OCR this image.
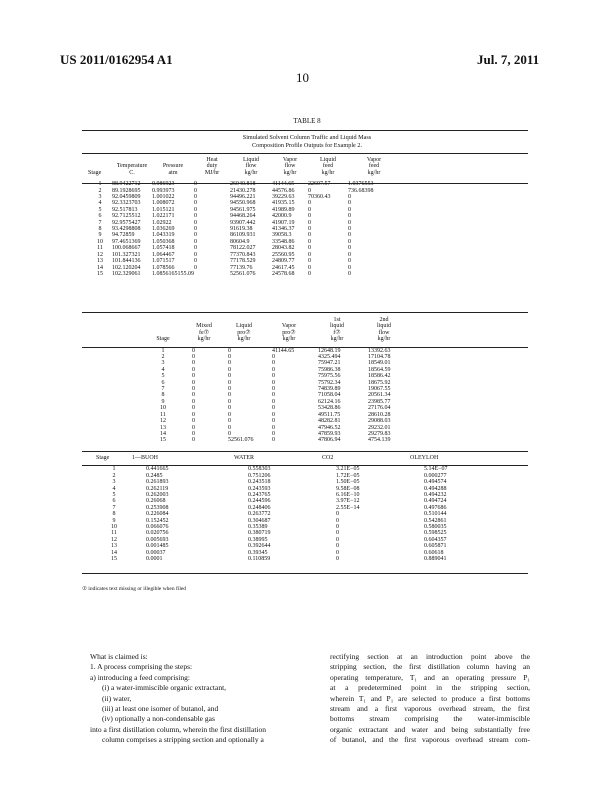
US 2011/0162954 A1
10
Jul. 7, 2011
TABLE 8
Simulated Solvent Column Traffic and Liquid Mass
Composition Profile Outputs for Example 2.
			Heat	Liquid	Vapor	Liquid	Vapor
	Temperature	Pressure	duty	flow	flow	feed	feed
Stage	C.	atm	MJ/hr	kg/hr	kg/hr	kg/hr	kg/hr

1	88.9422712	0.986923	0	26040.818	41144.65	22607.57	1.0376553
2	89.1928695	0.993973	0	21430.278	44576.86	0	736.68398
3	92.0459809	1.001022	0	94496.221	39229.63	70360.43	0
4	92.3323703	1.008072	0	94550.968	41935.15	0	0
5	92.517813	1.015121	0	94561.975	41989.89	0	0
6	92.7125512	1.022171	0	94468.264	42000.9	0	0
7	92.9575427	1.02922	0	93907.442	41907.19	0	0
8	93.4298808	1.036269	0	91619.38	41346.37	0	0
9	94.72859	1.043319	0	86109.931	39058.3	0	0
10	97.4651369	1.050368	0	80604.9	33548.86	0	0
11	100.068667	1.057418	0	78122.027	28043.82	0	0
12	101.327321	1.064467	0	77370.843	25560.95	0	0
13	101.844136	1.071517	0	77178.529	24809.77	0	0
14	102.120204	1.078566	0	77139.76	24617.45	0	0
15	102.329061	1.0856165155.09		52561.076	24578.68	0	0
				1st	2nd
	Mixed	Liquid	Vapor	liquid	liquid
	fe⑦	pro⑦	pro⑦	f⑦	flow
Stage	kg/hr	kg/hr	kg/hr	kg/hr	kg/hr

1	0	0	41144.65	12648.19	13392.63
2	0	0	0	4325.494	17104.78
3	0	0	0	75947.21	18549.01
4	0	0	0	75986.38	18564.59
5	0	0	0	75975.56	18586.42
6	0	0	0	75792.34	18675.92
7	0	0	0	74839.89	19067.55
8	0	0	0	71058.04	20561.34
9	0	0	0	62124.16	23985.77
10	0	0	0	53428.86	27176.04
11	0	0	0	49511.75	28610.28
12	0	0	0	48282.81	29088.03
13	0	0	0	47946.52	29232.01
14	0	0	0	47859.93	29279.83
15	0	52561.076	0	47806.94	4754.139
Stage	1—BUOH	WATER	CO2	OLEYLOH

1	0.441665	0.558303	3.21E−05	5.14E−07
2	0.2485	0.751206	1.72E−05	0.000277
3	0.261893	0.243518	1.50E−05	0.494574
4	0.262119	0.243593	9.58E−08	0.494288
5	0.262003	0.243765	6.16E−10	0.494232
6	0.26068	0.244596	3.97E−12	0.494724
7	0.253908	0.248406	2.55E−14	0.497686
8	0.226084	0.263772	0	0.510144
9	0.152452	0.304687	0	0.542861
10	0.066076	0.35389	0	0.580035
11	0.020756	0.380719	0	0.598525
12	0.005693	0.38995	0	0.604357
13	0.001485	0.392644	0	0.605871
14	0.00037	0.39345	0	0.60618
15	0.0001	0.110859	0	0.889041
⑦ indicates text missing or illegible when filed
What is claimed is:
1. A process comprising the steps:
a) introducing a feed comprising:
(i) a water-immiscible organic extractant,
(ii) water,
(iii) at least one isomer of butanol, and
(iv) optionally a non-condensable gas
into a first distillation column, wherein the first distillation
column comprises a stripping section and optionally a
rectifying section at an introduction point above the
stripping section, the first distillation column having an
operating temperature, T₁ and an operating pressure P₁
at a predetermined point in the stripping section,
wherein T₁ and P₁ are selected to produce a first bottoms
stream and a first vaporous overhead stream, the first
bottoms stream comprising the water-immiscible
organic extractant and water and being substantially free
of butanol, and the first vaporous overhead stream com-
